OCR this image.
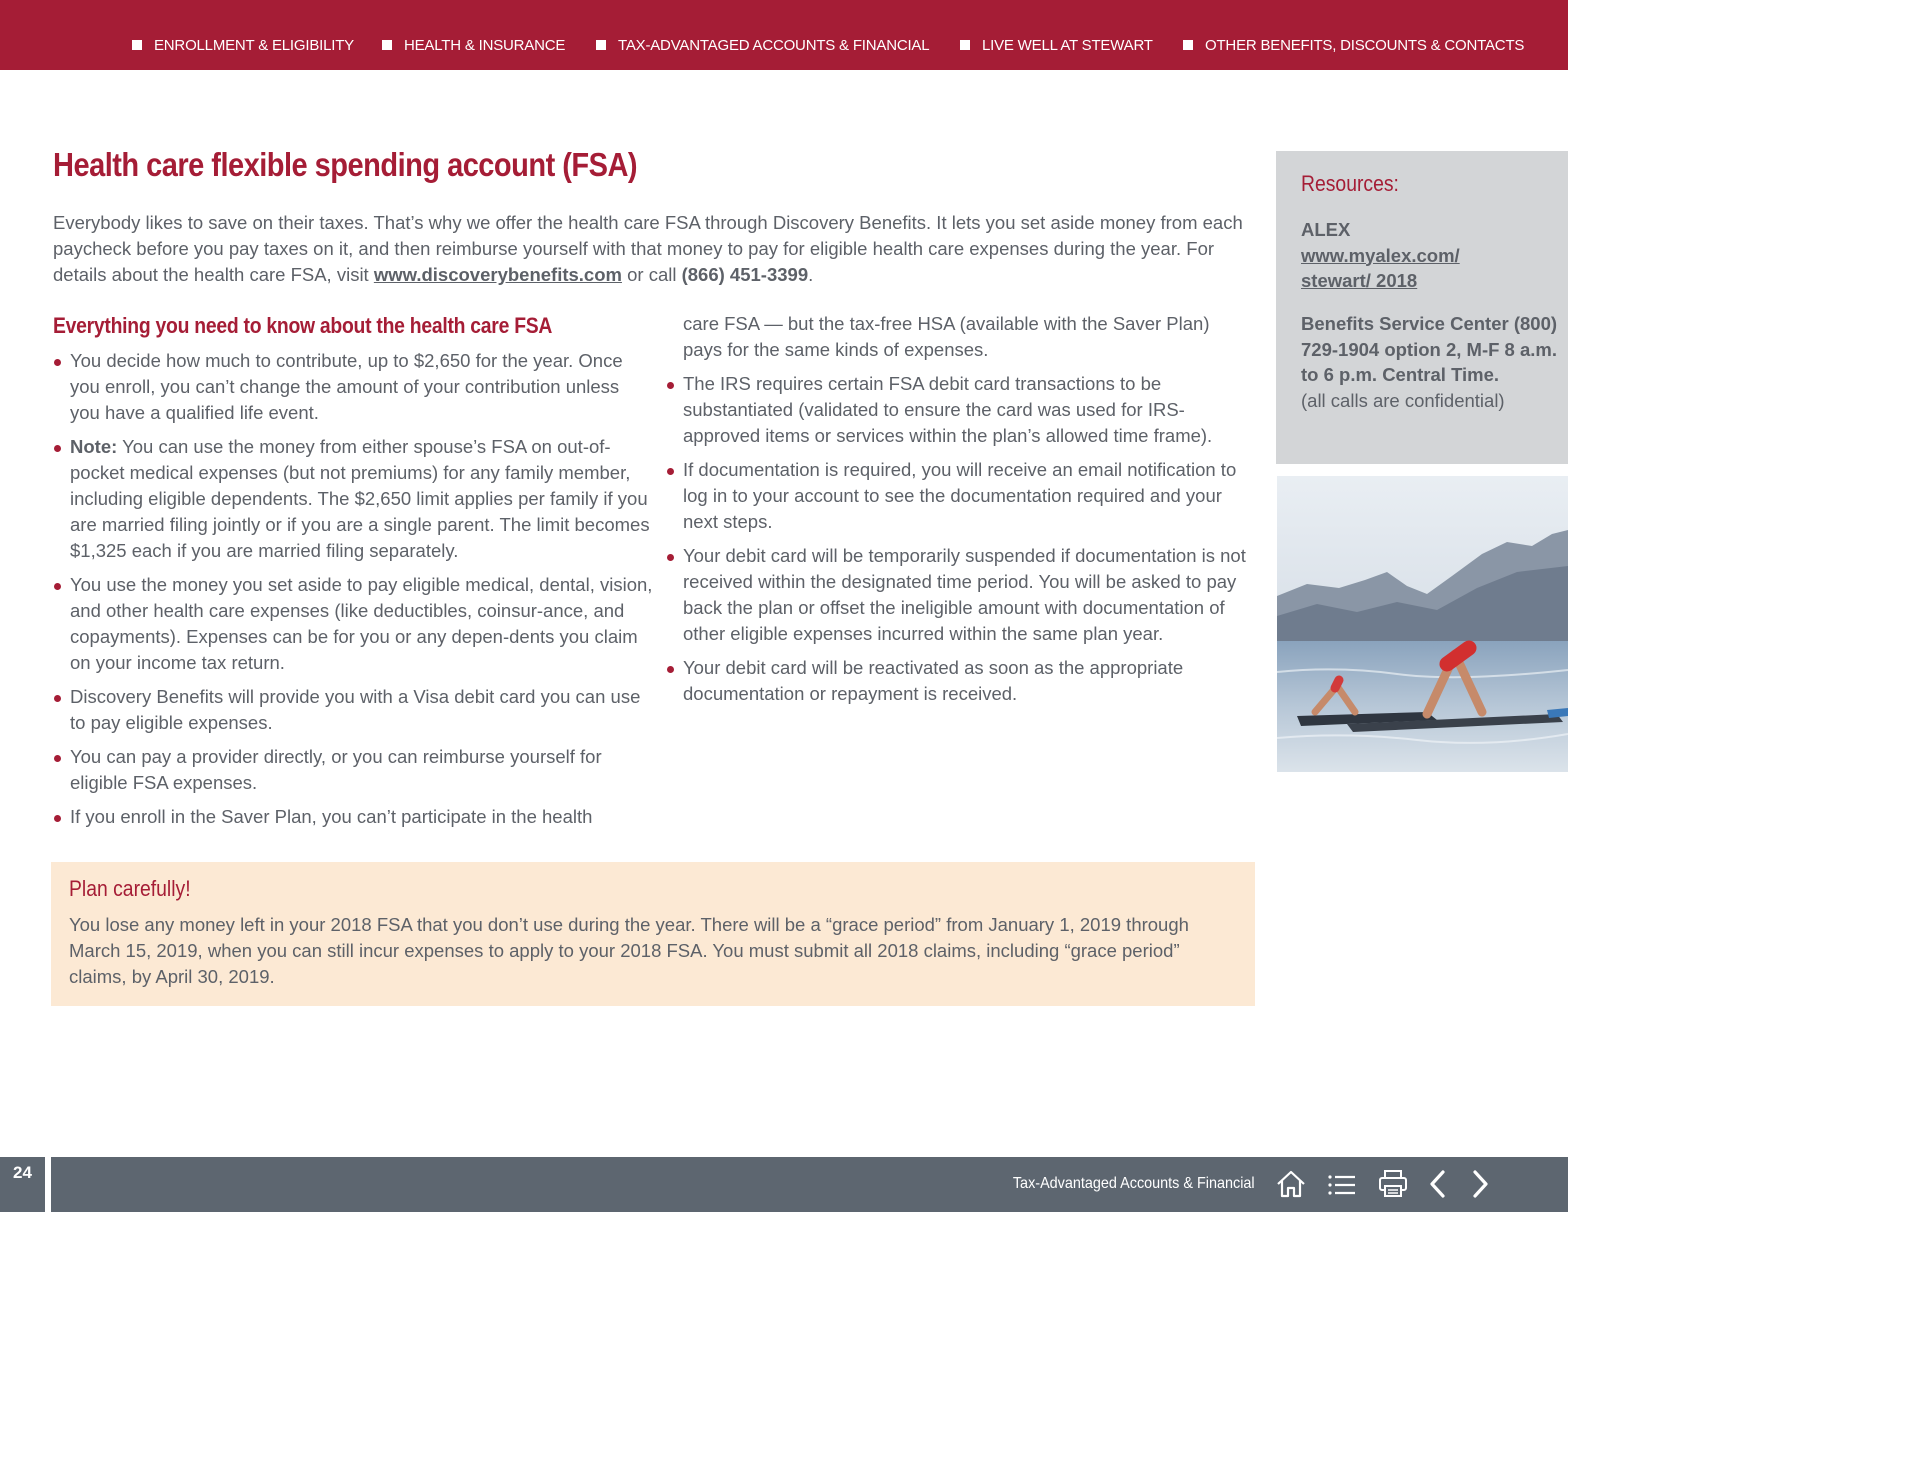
ENROLLMENT & ELIGIBILITY	HEALTH & INSURANCE	TAX-ADVANTAGED ACCOUNTS & FINANCIAL	LIVE WELL AT STEWART	OTHER BENEFITS, DISCOUNTS & CONTACTS
Health care flexible spending account (FSA)

Everybody likes to save on their taxes. That’s why we offer the health care FSA through Discovery Benefits. It lets you set aside money from each paycheck before you pay taxes on it, and then reimburse yourself with that money to pay for eligible health care expenses during the year. For details about the health care FSA, visit www.discoverybenefits.com or call (866) 451-3399.

Everything you need to know about the health care FSA
You decide how much to contribute, up to $2,650 for the year. Once you enroll, you can’t change the amount of your contribution unless you have a qualified life event.
Note: You can use the money from either spouse’s FSA on out-of-pocket medical expenses (but not premiums) for any family member, including eligible dependents. The $2,650 limit applies per family if you are married filing jointly or if you are a single parent. The limit becomes $1,325 each if you are married filing separately.
You use the money you set aside to pay eligible medical, dental, vision, and other health care expenses (like deductibles, coinsur-ance, and copayments). Expenses can be for you or any depen-dents you claim on your income tax return.
Discovery Benefits will provide you with a Visa debit card you can use to pay eligible expenses.
You can pay a provider directly, or you can reimburse yourself for eligible FSA expenses.
If you enroll in the Saver Plan, you can’t participate in the health
care FSA — but the tax-free HSA (available with the Saver Plan) pays for the same kinds of expenses.
The IRS requires certain FSA debit card transactions to be substantiated (validated to ensure the card was used for IRS-approved items or services within the plan’s allowed time frame).
If documentation is required, you will receive an email notification to log in to your account to see the documentation required and your next steps.
Your debit card will be temporarily suspended if documentation is not received within the designated time period. You will be asked to pay back the plan or offset the ineligible amount with documentation of other eligible expenses incurred within the same plan year.
Your debit card will be reactivated as soon as the appropriate documentation or repayment is received.
Plan carefully!
You lose any money left in your 2018 FSA that you don’t use during the year. There will be a “grace period” from January 1, 2019 through March 15, 2019, when you can still incur expenses to apply to your 2018 FSA. You must submit all 2018 claims, including “grace period” claims, by April 30, 2019.
Resources:
ALEX
www.myalex.com/
stewart/ 2018
Benefits Service Center (800) 729-1904 option 2, M-F 8 a.m. to 6 p.m. Central Time.
(all calls are confidential)
24
Tax-Advantaged Accounts & Financial
